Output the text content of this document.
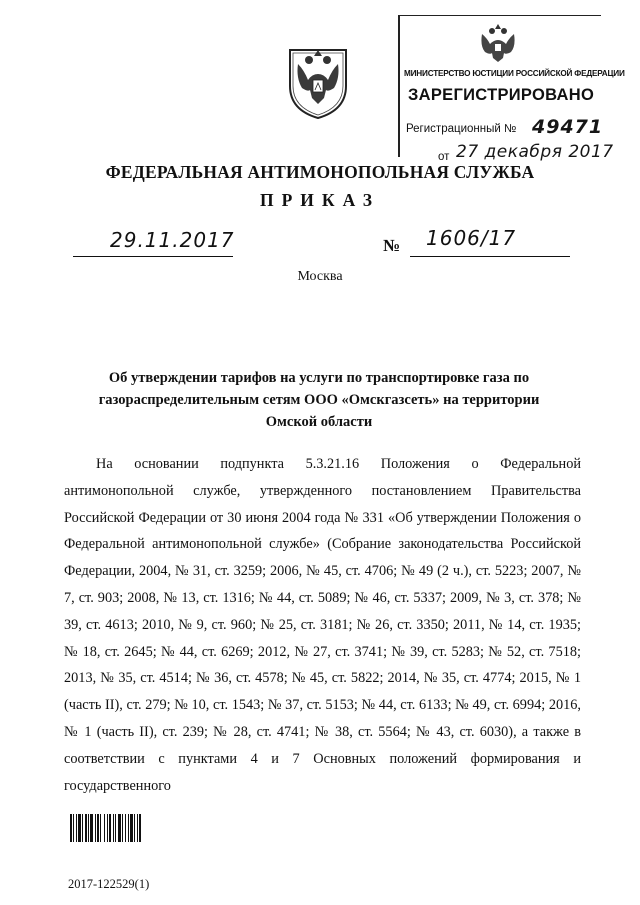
МИНИСТЕРСТВО ЮСТИЦИИ РОССИЙСКОЙ ФЕДЕРАЦИИ
ЗАРЕГИСТРИРОВАНО
Регистрационный № 49471
от 27 декабря 2017
ФЕДЕРАЛЬНАЯ АНТИМОНОПОЛЬНАЯ СЛУЖБА
ПРИКАЗ
29.11.2017	№ 1606/17
Москва
Об утверждении тарифов на услуги по транспортировке газа по газораспределительным сетям ООО «Омскгазсеть» на территории Омской области
На основании подпункта 5.3.21.16 Положения о Федеральной антимонопольной службе, утвержденного постановлением Правительства Российской Федерации от 30 июня 2004 года № 331 «Об утверждении Положения о Федеральной антимонопольной службе» (Собрание законодательства Российской Федерации, 2004, № 31, ст. 3259; 2006, № 45, ст. 4706; № 49 (2 ч.), ст. 5223; 2007, № 7, ст. 903; 2008, № 13, ст. 1316; № 44, ст. 5089; № 46, ст. 5337; 2009, № 3, ст. 378; № 39, ст. 4613; 2010, № 9, ст. 960; № 25, ст. 3181; № 26, ст. 3350; 2011, № 14, ст. 1935; № 18, ст. 2645; № 44, ст. 6269; 2012, № 27, ст. 3741; № 39, ст. 5283; № 52, ст. 7518; 2013, № 35, ст. 4514; № 36, ст. 4578; № 45, ст. 5822; 2014, № 35, ст. 4774; 2015, № 1 (часть II), ст. 279; № 10, ст. 1543; № 37, ст. 5153; № 44, ст. 6133; № 49, ст. 6994; 2016, № 1 (часть II), ст. 239; № 28, ст. 4741; № 38, ст. 5564; № 43, ст. 6030), а также в соответствии с пунктами 4 и 7 Основных положений формирования и государственного
2017-122529(1)
